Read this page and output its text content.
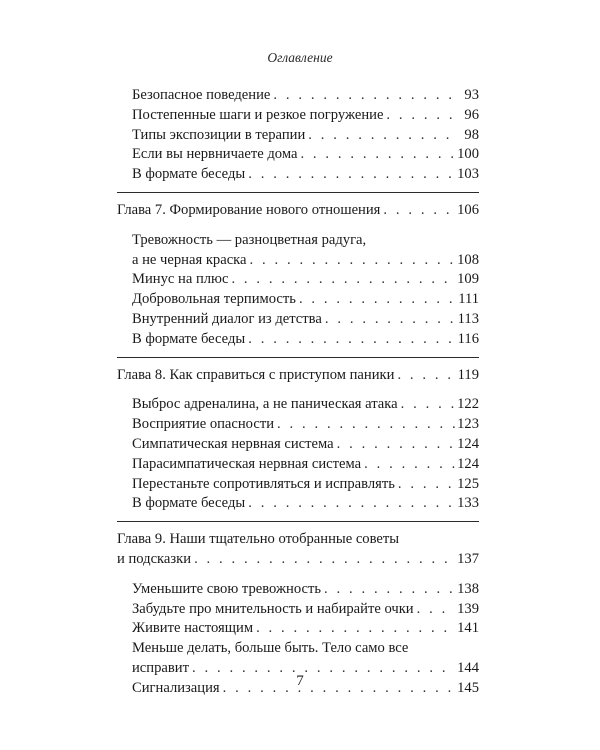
Оглавление
Безопасное поведение . . .	93
Постепенные шаги и резкое погружение . . .	96
Типы экспозиции в терапии . . .	98
Если вы нервничаете дома . . .	100
В формате беседы . . .	103
Глава 7. Формирование нового отношения . . .	106
Тревожность — разноцветная радуга,
а не черная краска . . .	108
Минус на плюс . . .	109
Добровольная терпимость . . .	111
Внутренний диалог из детства . . .	113
В формате беседы . . .	116
Глава 8. Как справиться с приступом паники . . .	119
Выброс адреналина, а не паническая атака . . .	122
Восприятие опасности . . .	123
Симпатическая нервная система . . .	124
Парасимпатическая нервная система . . .	124
Перестаньте сопротивляться и исправлять . . .	125
В формате беседы . . .	133
Глава 9. Наши тщательно отобранные советы
и подсказки . . .	137
Уменьшите свою тревожность . . .	138
Забудьте про мнительность и набирайте очки . . .	139
Живите настоящим . . .	141
Меньше делать, больше быть. Тело само все
исправит . . .	144
Сигнализация . . .	145
7
